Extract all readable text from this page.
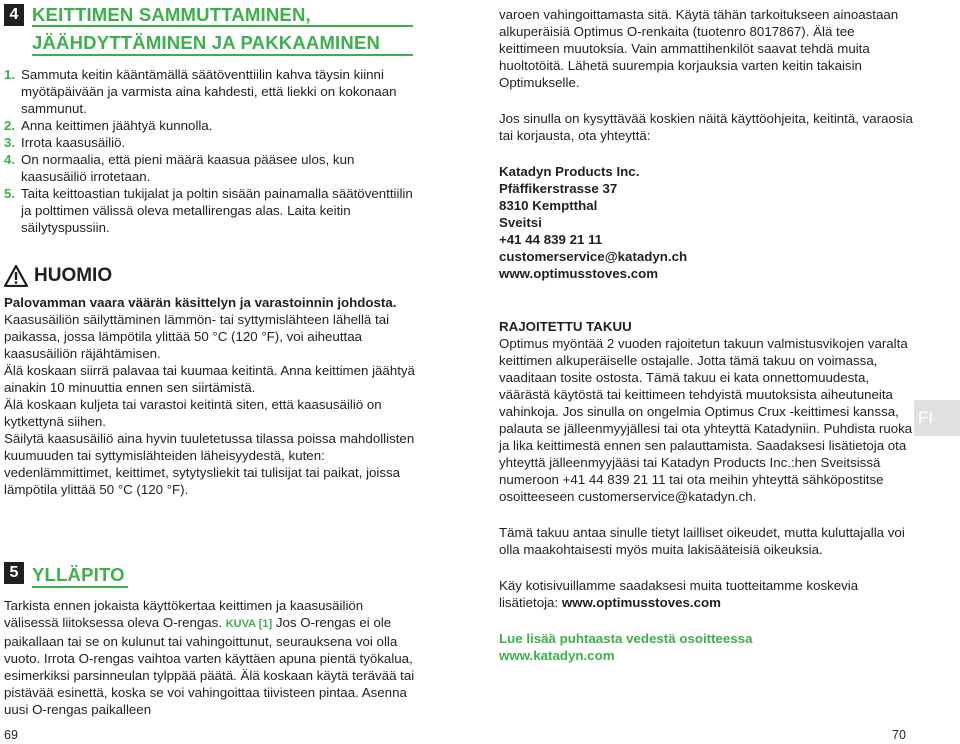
4 KEITTIMEN SAMMUTTAMINEN,
JÄÄHDYTTÄMINEN JA PAKKAAMINEN

1. Sammuta keitin kääntämällä säätöventtiilin kahva täysin kiinni myötäpäivään ja varmista aina kahdesti, että liekki on kokonaan sammunut.

2. Anna keittimen jäähtyä kunnolla.

3. Irrota kaasusäiliö.

4. On normaalia, että pieni määrä kaasua pääsee ulos, kun kaasusäiliö irrotetaan.

5. Taita keittoastian tukijalat ja poltin sisään painamalla säätöventtiilin ja polttimen välissä oleva metallirengas alas. Laita keitin säilytyspussiin.

HUOMIO

Palovamman vaara väärän käsittelyn ja varastoinnin johdosta.

Kaasusäiliön säilyttäminen lämmön- tai syttymislähteen lähellä tai paikassa, jossa lämpötila ylittää 50 °C (120 °F), voi aiheuttaa kaasusäiliön räjähtämisen.

Älä koskaan siirrä palavaa tai kuumaa keitintä. Anna keittimen jäähtyä ainakin 10 minuuttia ennen sen siirtämistä.

Älä koskaan kuljeta tai varastoi keitintä siten, että kaasusäiliö on kytkettynä siihen.

Säilytä kaasusäiliö aina hyvin tuuletetussa tilassa poissa mahdollisten kuumuuden tai syttymislähteiden läheisyydestä, kuten: vedenlämmittimet, keittimet, sytytysliekit tai tulisijat tai paikat, joissa lämpötila ylittää 50 °C (120 °F).

5 YLLÄPITO

Tarkista ennen jokaista käyttökertaa keittimen ja kaasusäiliön välisessä liitoksessa oleva O-rengas. KUVA [1] Jos O-rengas ei ole paikallaan tai se on kulunut tai vahingoittunut, seurauksena voi olla vuoto. Irrota O-rengas vaihtoa varten käyttäen apuna pientä työkalua, esimerkiksi parsinneulan tylppää päätä. Älä koskaan käytä terävää tai pistävää esinettä, koska se voi vahingoittaa tiivisteen pintaa. Asenna uusi O-rengas paikalleen

69

varoen vahingoittamasta sitä. Käytä tähän tarkoitukseen ainoastaan alkuperäisiä Optimus O-renkaita (tuotenro 8017867). Älä tee keittimeen muutoksia. Vain ammattihenkilöt saavat tehdä muita huoltotöitä. Lähetä suurempia korjauksia varten keitin takaisin Optimukselle.

Jos sinulla on kysyttävää koskien näitä käyttöohjeita, keitintä, varaosia tai korjausta, ota yhteyttä:

Katadyn Products Inc.

Pfäffikerstrasse 37

8310 Kemptthal

Sveitsi

+41 44 839 21 11

customerservice@katadyn.ch

www.optimusstoves.com

RAJOITETTU TAKUU

Optimus myöntää 2 vuoden rajoitetun takuun valmistusvikojen varalta keittimen alkuperäiselle ostajalle. Jotta tämä takuu on voimassa, vaaditaan tosite ostosta. Tämä takuu ei kata onnettomuudesta, väärästä käytöstä tai keittimeen tehdyistä muutoksista aiheutuneita vahinkoja. Jos sinulla on ongelmia Optimus Crux -keittimesi kanssa, palauta se jälleenmyyjällesi tai ota yhteyttä Katadyniin. Puhdista ruoka ja lika keittimestä ennen sen palauttamista. Saadaksesi lisätietoja ota yhteyttä jälleenmyyjääsi tai Katadyn Products Inc.:hen Sveitsissä numeroon +41 44 839 21 11 tai ota meihin yhteyttä sähköpostitse osoitteeseen customerservice@katadyn.ch.

Tämä takuu antaa sinulle tietyt lailliset oikeudet, mutta kuluttajalla voi olla maakohtaisesti myös muita lakisääteisiä oikeuksia.

Käy kotisivuillamme saadaksesi muita tuotteitamme koskevia lisätietoja: www.optimusstoves.com

Lue lisää puhtaasta vedestä osoitteessa

www.katadyn.com

FI
70
